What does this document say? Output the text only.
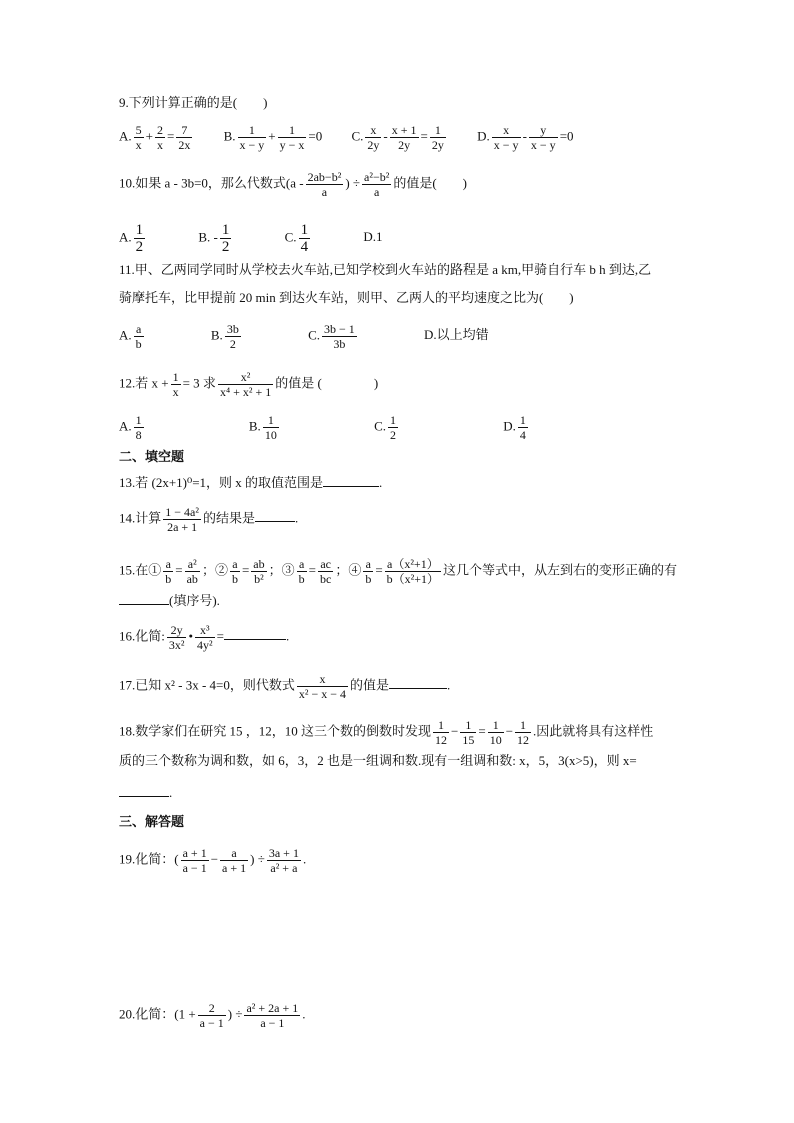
9.下列计算正确的是(　　)
A. $\frac{5}{x} + \frac{2}{x} = \frac{7}{2x} B$. $\frac{1}{x - y} + \frac{1}{y - x} =0$ C. $\frac{x}{2y} - \frac{x + 1}{2y} = \frac{1}{2y} D$. $\frac{x}{x - y} - \frac{y}{x - y} =0$
10.如果 a - 3b=0，那么代数式($a - \frac{\text{2ab−b²}}{a}$ ) ÷ $\frac{\text{a²−b²}}{a}$ 的值是(　　)
A. $\frac{1}{2}$	B. - $\frac{1}{2}$	C. $\frac{1}{4}$	D.1
11.甲、乙两同学同时从学校去火车站,已知学校到火车站的路程是 a km,甲骑自行车 b h 到达,乙
骑摩托车，比甲提前 20 min 到达火车站，则甲、乙两人的平均速度之比为(　　)
A. $\frac{a}{b}$	B. $\frac{3b}{2}$	C. $\frac{3b - 1}{3b}$	D.以上均错
12.若 $x + \frac{1}{x} = 3$ 求 $\frac{\text{x²}}{\text{x⁴ + x² + 1}}$ 的值是 (　　　　)
A. $\frac{1}{8}$	B. $\frac{1}{10}$	C. $\frac{1}{2}$	D. $\frac{1}{4}$
二、填空题
13.若 (2x+1)⁰=1，则 x 的取值范围是	.
14.计算 $\frac{\text{1 − 4a²}}{2a + 1}$ 的结果是	.
15.在① $\frac{a}{b} = \frac{\text{a²}}{ab}$ ；② $\frac{a}{b} = \frac{ab}{\text{b²}}$ ；③ $\frac{a}{b} = \frac{ac}{bc}$ ；④ $\frac{a}{b} = \frac{\text{a（x²+1）}}{\text{b（x²+1）}}$ 这几个等式中，从左到右的变形正确的有
(填序号).
16.化简: $\frac{2y}{\text{3x²}}$ • $\frac{\text{x³}}{\text{4y²}}$ =	.
17.已知 x² - 3x - 4=0，则代数式 $\frac{x}{\text{x² − x − 4}}$ 的值是	.
18.数学家们在研究 15 ，12，10 这三个数的倒数时发现 $\frac{1}{12} - \frac{1}{15} = \frac{1}{10} - \frac{1}{12}$ .因此就将具有这样性
质的三个数称为调和数，如 6，3，2 也是一组调和数.现有一组调和数: x，5，3(x>5)，则 x=
.
三、解答题
19.化简：( $\frac{a + 1}{a - 1} - \frac{a}{a + 1}$ ) ÷ $\frac{3a + 1}{\text{a² + a}}$ .
20.化简：($1 + \frac{2}{a - 1}$ ) ÷ $\frac{\text{a² + 2a + 1}}{a - 1}$ .
